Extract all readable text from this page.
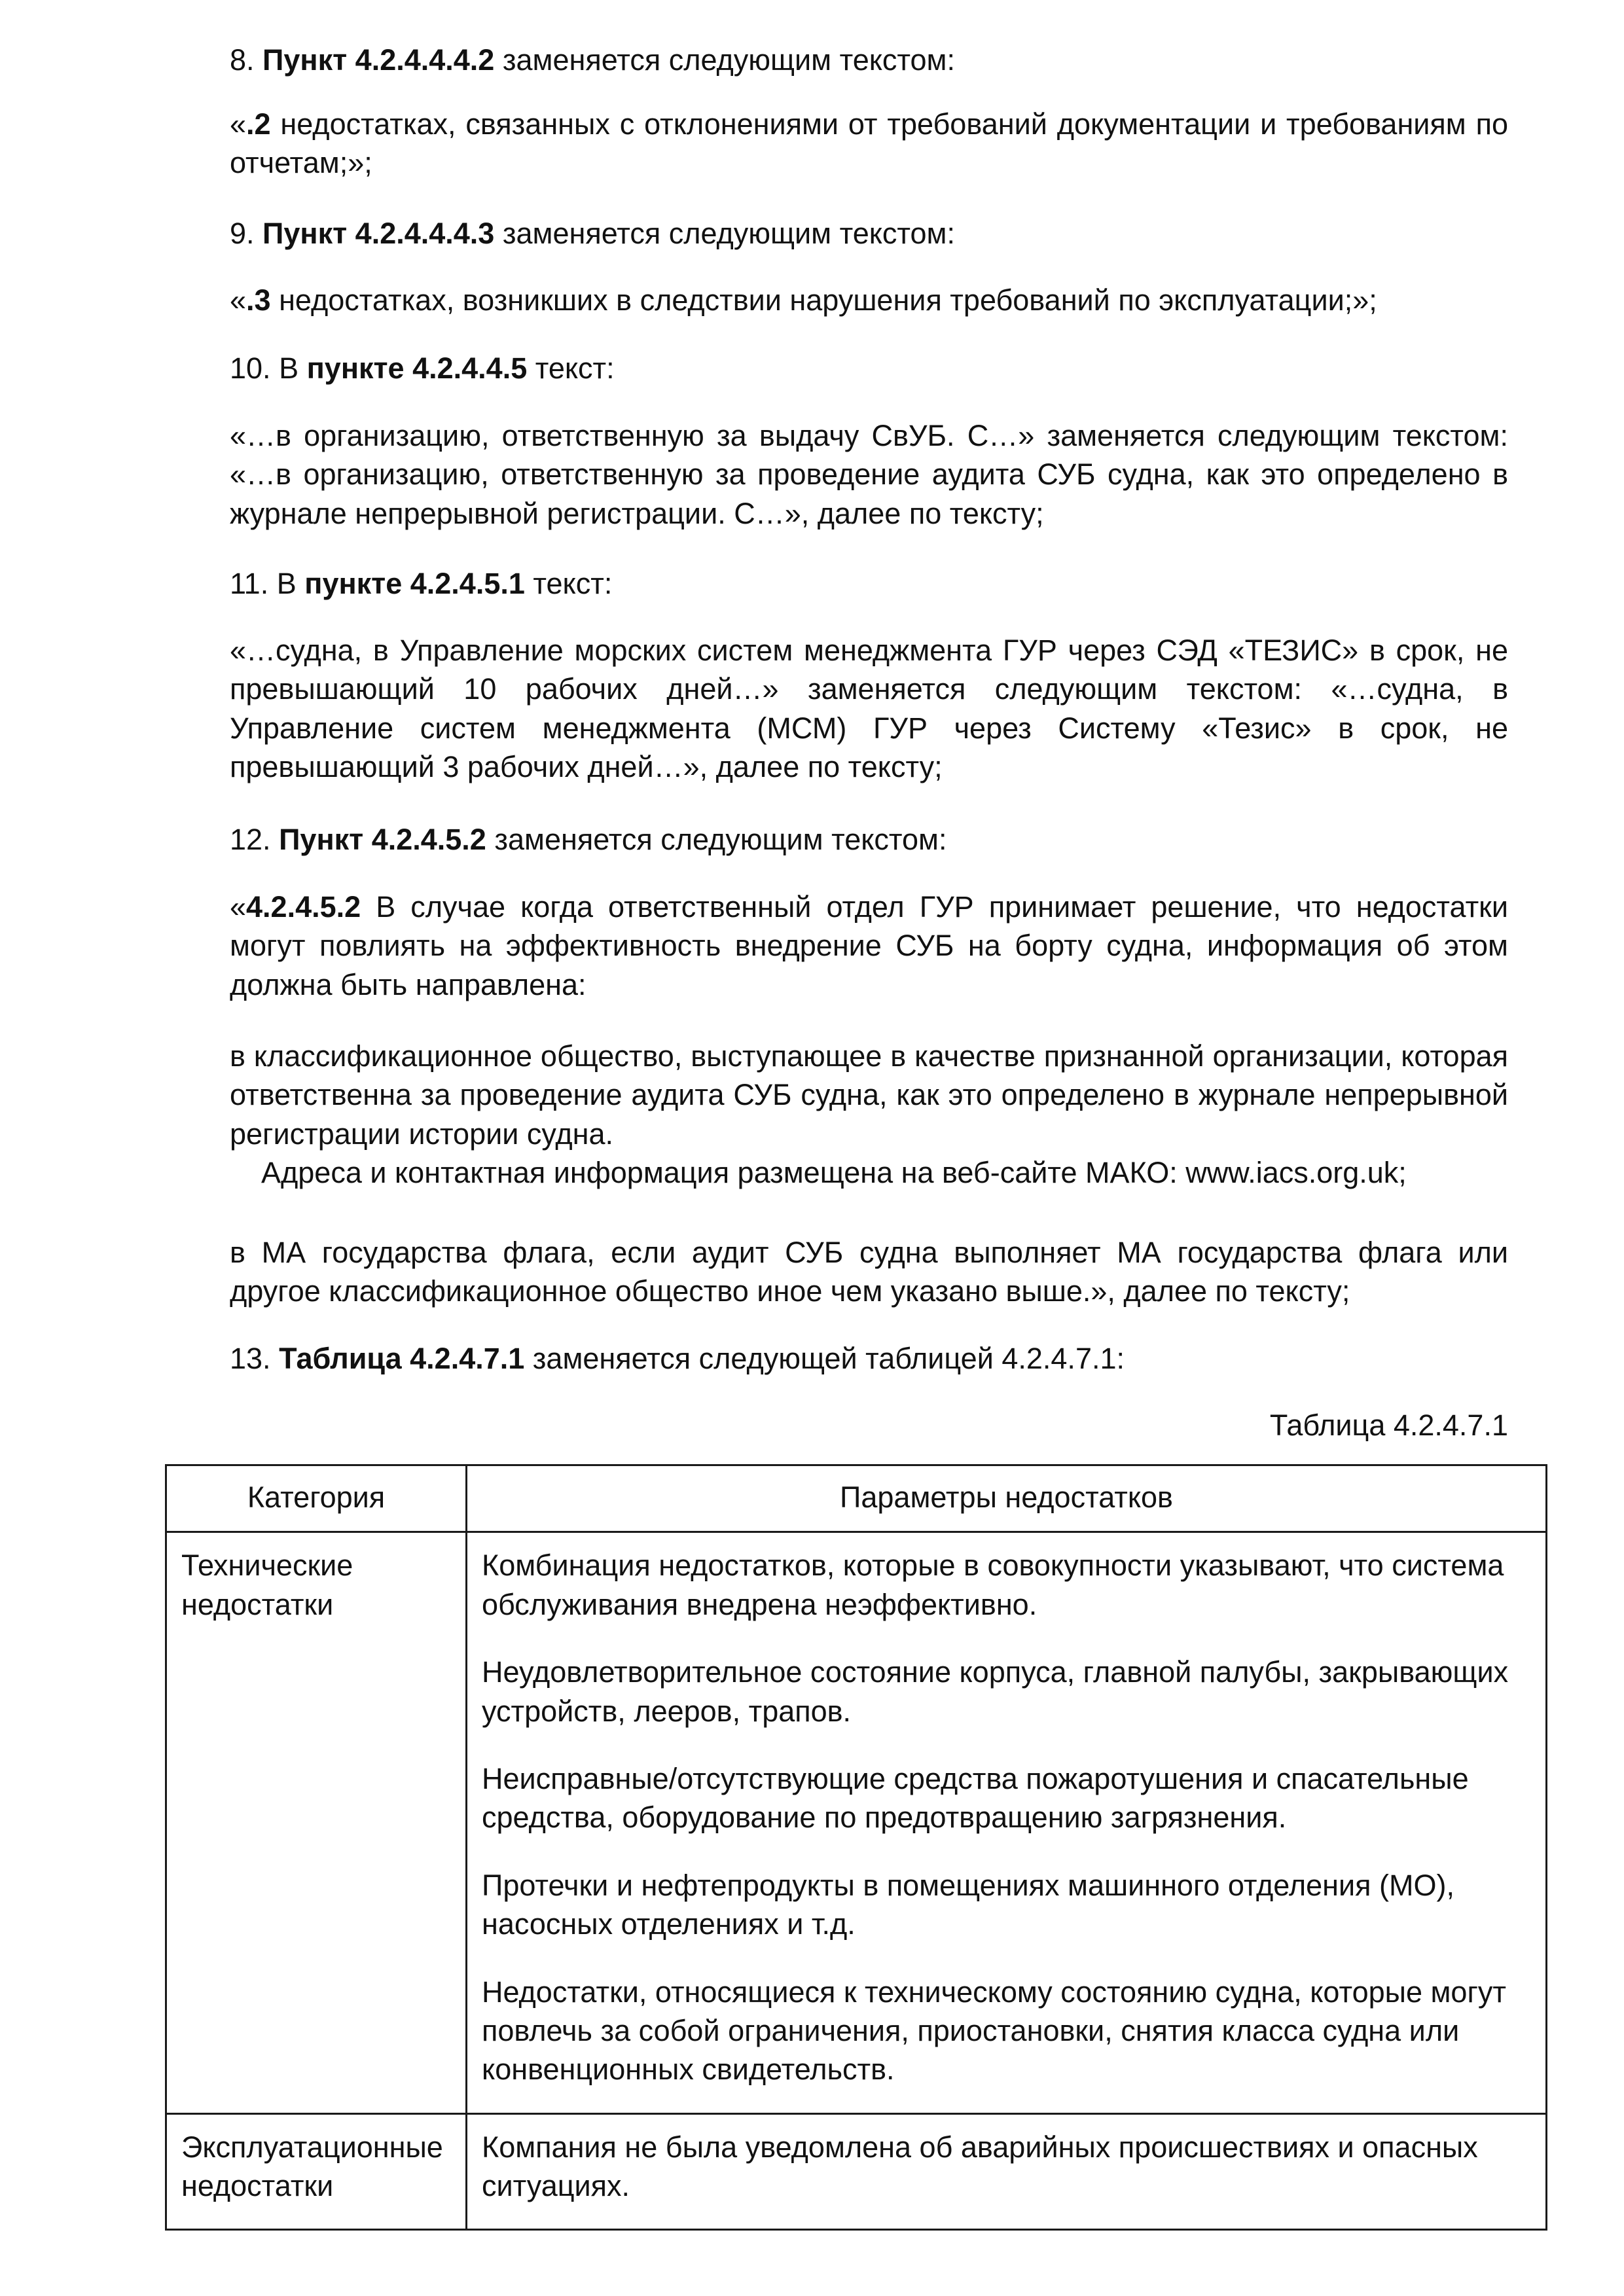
8. Пункт 4.2.4.4.4.2 заменяется следующим текстом:
«.2 недостатках, связанных с отклонениями от требований документации и требованиям по отчетам;»;
9. Пункт 4.2.4.4.4.3 заменяется следующим текстом:
«.3 недостатках, возникших в следствии нарушения требований по эксплуатации;»;
10. В пункте 4.2.4.4.5 текст:

«…в организацию, ответственную за выдачу СвУБ. С…» заменяется следующим текстом: «…в организацию, ответственную за проведение аудита СУБ судна, как это определено в журнале непрерывной регистрации. С…», далее по тексту;

11. В пункте 4.2.4.5.1 текст:

«…судна, в Управление морских систем менеджмента ГУР через СЭД «ТЕЗИС» в срок, не превышающий 10 рабочих дней…» заменяется следующим текстом: «…судна, в Управление систем менеджмента (МСМ) ГУР через Систему «Тезис» в срок, не превышающий 3 рабочих дней…», далее по тексту;

12. Пункт 4.2.4.5.2 заменяется следующим текстом:

«4.2.4.5.2 В случае когда ответственный отдел ГУР принимает решение, что недостатки могут повлиять на эффективность внедрение СУБ на борту судна, информация об этом должна быть направлена:

в классификационное общество, выступающее в качестве признанной организации, которая ответственна за проведение аудита СУБ судна, как это определено в журнале непрерывной регистрации истории судна.

Адреса и контактная информация размещена на веб-сайте МАКО: www.iacs.org.uk;

в МА государства флага, если аудит СУБ судна выполняет МА государства флага или другое классификационное общество иное чем указано выше.», далее по тексту;

13. Таблица 4.2.4.7.1 заменяется следующей таблицей 4.2.4.7.1:
Таблица 4.2.4.7.1
Категория	Параметры недостатков
Технические недостатки	Комбинация недостатков, которые в совокупности указывают, что система обслуживания внедрена неэффективно.

Неудовлетворительное состояние корпуса, главной палубы, закрывающих устройств, лееров, трапов.

Неисправные/отсутствующие средства пожаротушения и спасательные средства, оборудование по предотвращению загрязнения.

Протечки и нефтепродукты в помещениях машинного отделения (МО), насосных отделениях и т.д.

Недостатки, относящиеся к техническому состоянию судна, которые могут повлечь за собой ограничения, приостановки, снятия класса судна или конвенционных свидетельств.

Эксплуатационные недостатки	Компания не была уведомлена об аварийных происшествиях и опасных ситуациях.
